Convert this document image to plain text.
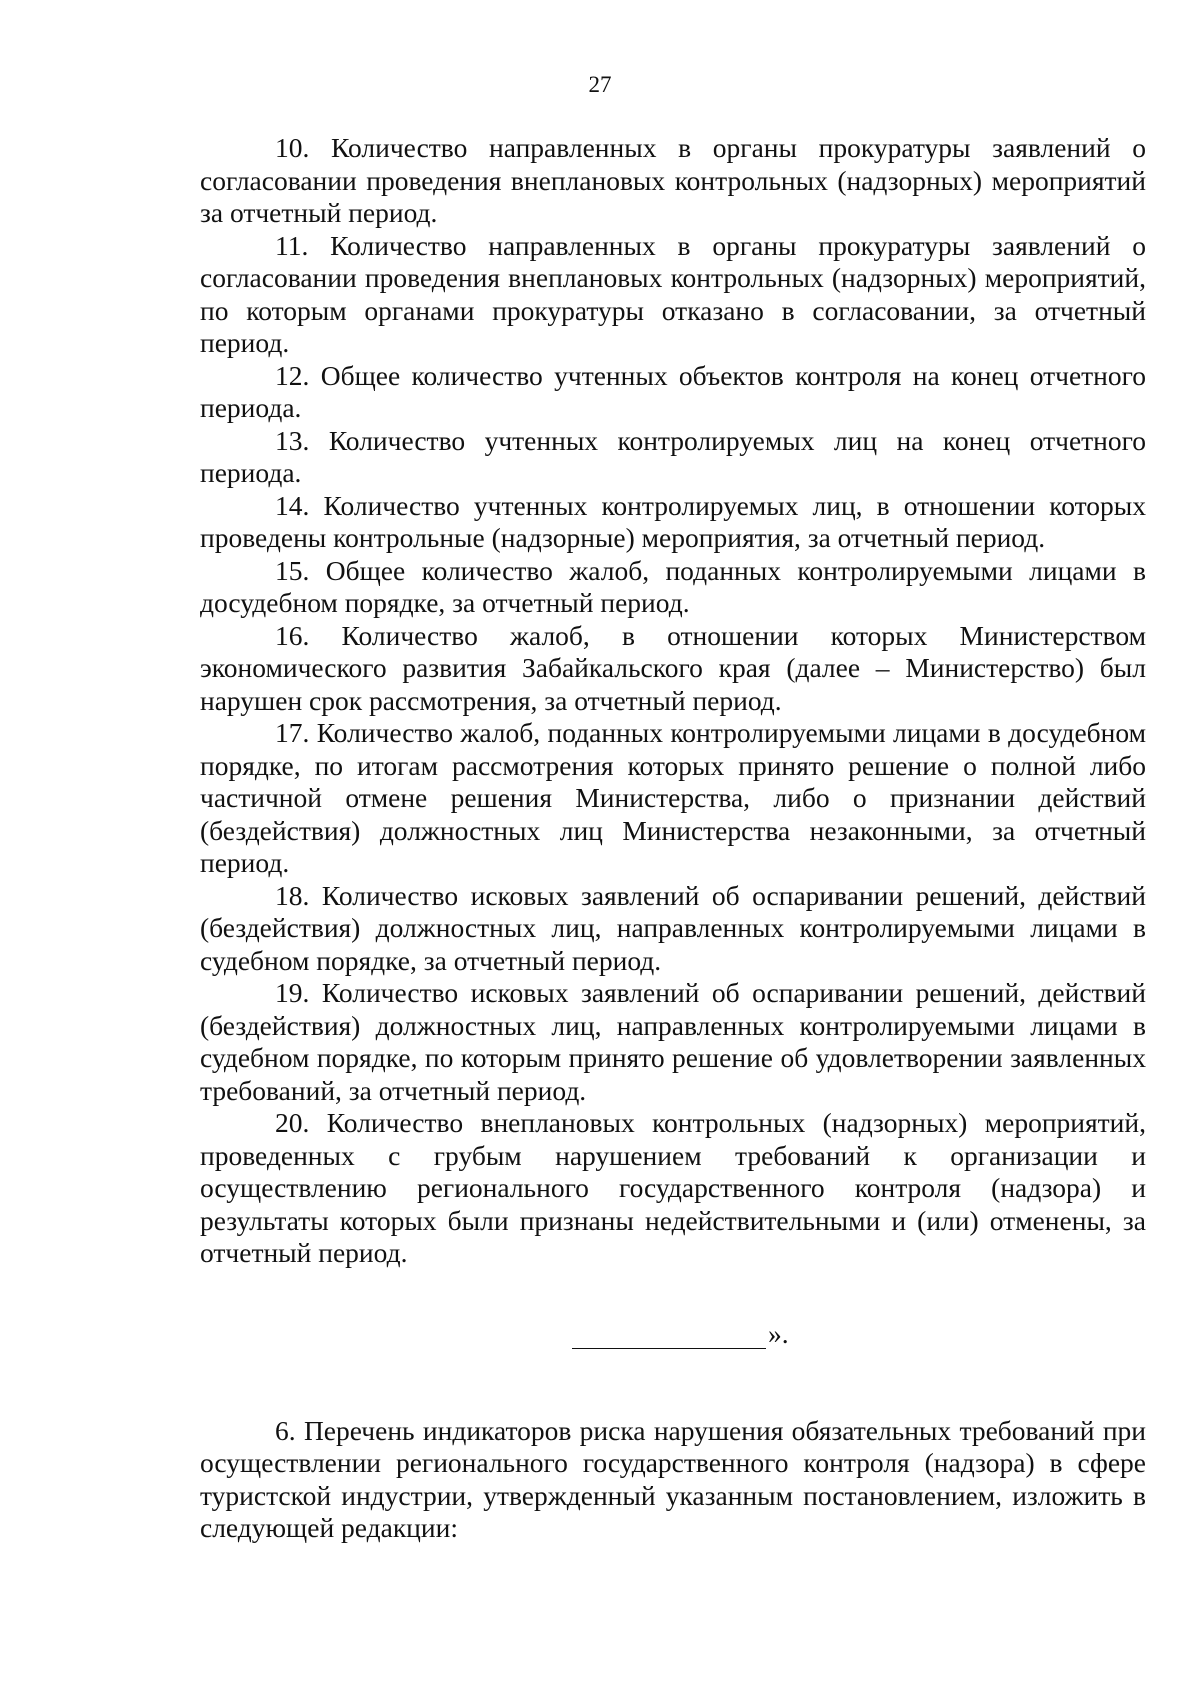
27

10. Количество направленных в органы прокуратуры заявлений о согласовании проведения внеплановых контрольных (надзорных) мероприятий за отчетный период.

11. Количество направленных в органы прокуратуры заявлений о согласовании проведения внеплановых контрольных (надзорных) мероприятий, по которым органами прокуратуры отказано в согласовании, за отчетный период.

12. Общее количество учтенных объектов контроля на конец отчетного периода.

13. Количество учтенных контролируемых лиц на конец отчетного периода.

14. Количество учтенных контролируемых лиц, в отношении которых проведены контрольные (надзорные) мероприятия, за отчетный период.

15. Общее количество жалоб, поданных контролируемыми лицами в досудебном порядке, за отчетный период.

16. Количество жалоб, в отношении которых Министерством экономического развития Забайкальского края (далее – Министерство) был нарушен срок рассмотрения, за отчетный период.

17. Количество жалоб, поданных контролируемыми лицами в досудебном порядке, по итогам рассмотрения которых принято решение о полной либо частичной отмене решения Министерства, либо о признании действий (бездействия) должностных лиц Министерства незаконными, за отчетный период.

18. Количество исковых заявлений об оспаривании решений, действий (бездействия) должностных лиц, направленных контролируемыми лицами в судебном порядке, за отчетный период.

19. Количество исковых заявлений об оспаривании решений, действий (бездействия) должностных лиц, направленных контролируемыми лицами в судебном порядке, по которым принято решение об удовлетворении заявленных требований, за отчетный период.

20. Количество внеплановых контрольных (надзорных) мероприятий, проведенных с грубым нарушением требований к организации и осуществлению регионального государственного контроля (надзора) и результаты которых были признаны недействительными и (или) отменены, за отчетный период.

».

6. Перечень индикаторов риска нарушения обязательных требований при осуществлении регионального государственного контроля (надзора) в сфере туристской индустрии, утвержденный указанным постановлением, изложить в следующей редакции:
